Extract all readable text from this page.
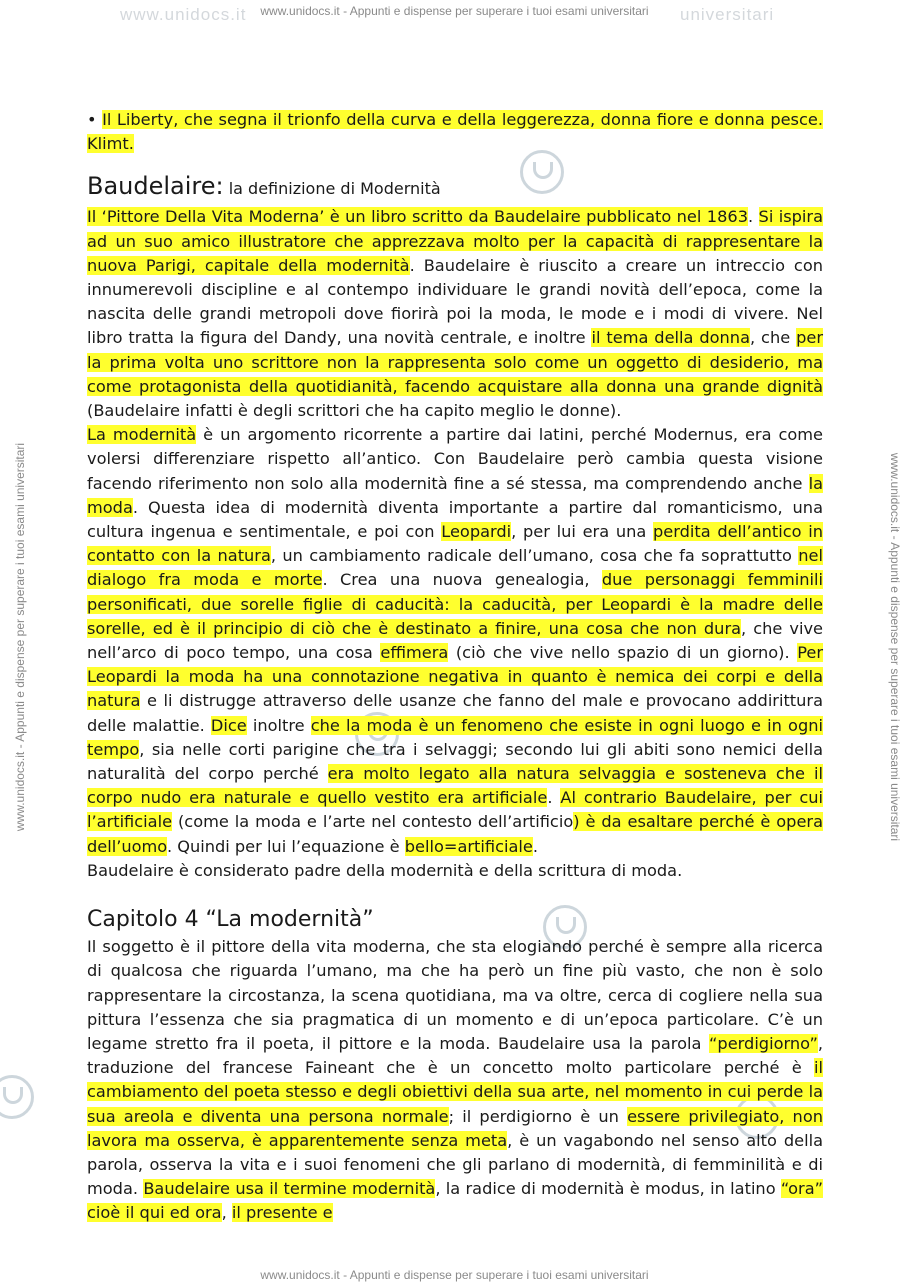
www.unidocs.it - Appunti e dispense per superare i tuoi esami universitari
www.unidocs.it - Appunti e dispense per superare i tuoi esami universitari
www.unidocs.it - Appunti e dispense per superare i tuoi esami universitari	www.unidocs.it - Appunti e dispense per superare i tuoi esami universitari
www.unidocs.it	universitari

• Il Liberty, che segna il trionfo della curva e della leggerezza, donna fiore e donna pesce. Klimt.

Baudelaire: la definizione di Modernità

Il ‘Pittore Della Vita Moderna’ è un libro scritto da Baudelaire pubblicato nel 1863. Si ispira ad un suo amico illustratore che apprezzava molto per la capacità di rappresentare la nuova Parigi, capitale della modernità. Baudelaire è riuscito a creare un intreccio con innumerevoli discipline e al contempo individuare le grandi novità dell’epoca, come la nascita delle grandi metropoli dove fiorirà poi la moda, le mode e i modi di vivere. Nel libro tratta la figura del Dandy, una novità centrale, e inoltre il tema della donna, che per la prima volta uno scrittore non la rappresenta solo come un oggetto di desiderio, ma come protagonista della quotidianità, facendo acquistare alla donna una grande dignità (Baudelaire infatti è degli scrittori che ha capito meglio le donne).

La modernità è un argomento ricorrente a partire dai latini, perché Modernus, era come volersi differenziare rispetto all’antico. Con Baudelaire però cambia questa visione facendo riferimento non solo alla modernità fine a sé stessa, ma comprendendo anche la moda. Questa idea di modernità diventa importante a partire dal romanticismo, una cultura ingenua e sentimentale, e poi con Leopardi, per lui era una perdita dell’antico in contatto con la natura, un cambiamento radicale dell’umano, cosa che fa soprattutto nel dialogo fra moda e morte. Crea una nuova genealogia, due personaggi femminili personificati, due sorelle figlie di caducità: la caducità, per Leopardi è la madre delle sorelle, ed è il principio di ciò che è destinato a finire, una cosa che non dura, che vive nell’arco di poco tempo, una cosa effimera (ciò che vive nello spazio di un giorno). Per Leopardi la moda ha una connotazione negativa in quanto è nemica dei corpi e della natura e li distrugge attraverso delle usanze che fanno del male e provocano addirittura delle malattie. Dice inoltre che la moda è un fenomeno che esiste in ogni luogo e in ogni tempo, sia nelle corti parigine che tra i selvaggi; secondo lui gli abiti sono nemici della naturalità del corpo perché era molto legato alla natura selvaggia e sosteneva che il corpo nudo era naturale e quello vestito era artificiale. Al contrario Baudelaire, per cui l’artificiale (come la moda e l’arte nel contesto dell’artificio) è da esaltare perché è opera dell’uomo. Quindi per lui l’equazione è bello=artificiale.

Baudelaire è considerato padre della modernità e della scrittura di moda.

Capitolo 4 “La modernità”

Il soggetto è il pittore della vita moderna, che sta elogiando perché è sempre alla ricerca di qualcosa che riguarda l’umano, ma che ha però un fine più vasto, che non è solo rappresentare la circostanza, la scena quotidiana, ma va oltre, cerca di cogliere nella sua pittura l’essenza che sia pragmatica di un momento e di un’epoca particolare. C’è un legame stretto fra il poeta, il pittore e la moda. Baudelaire usa la parola “perdigiorno”, traduzione del francese Faineant che è un concetto molto particolare perché è il cambiamento del poeta stesso e degli obiettivi della sua arte, nel momento in cui perde la sua areola e diventa una persona normale; il perdigiorno è un essere privilegiato, non lavora ma osserva, è apparentemente senza meta, è un vagabondo nel senso alto della parola, osserva la vita e i suoi fenomeni che gli parlano di modernità, di femminilità e di moda. Baudelaire usa il termine modernità, la radice di modernità è modus, in latino “ora” cioè il qui ed ora, il presente e
